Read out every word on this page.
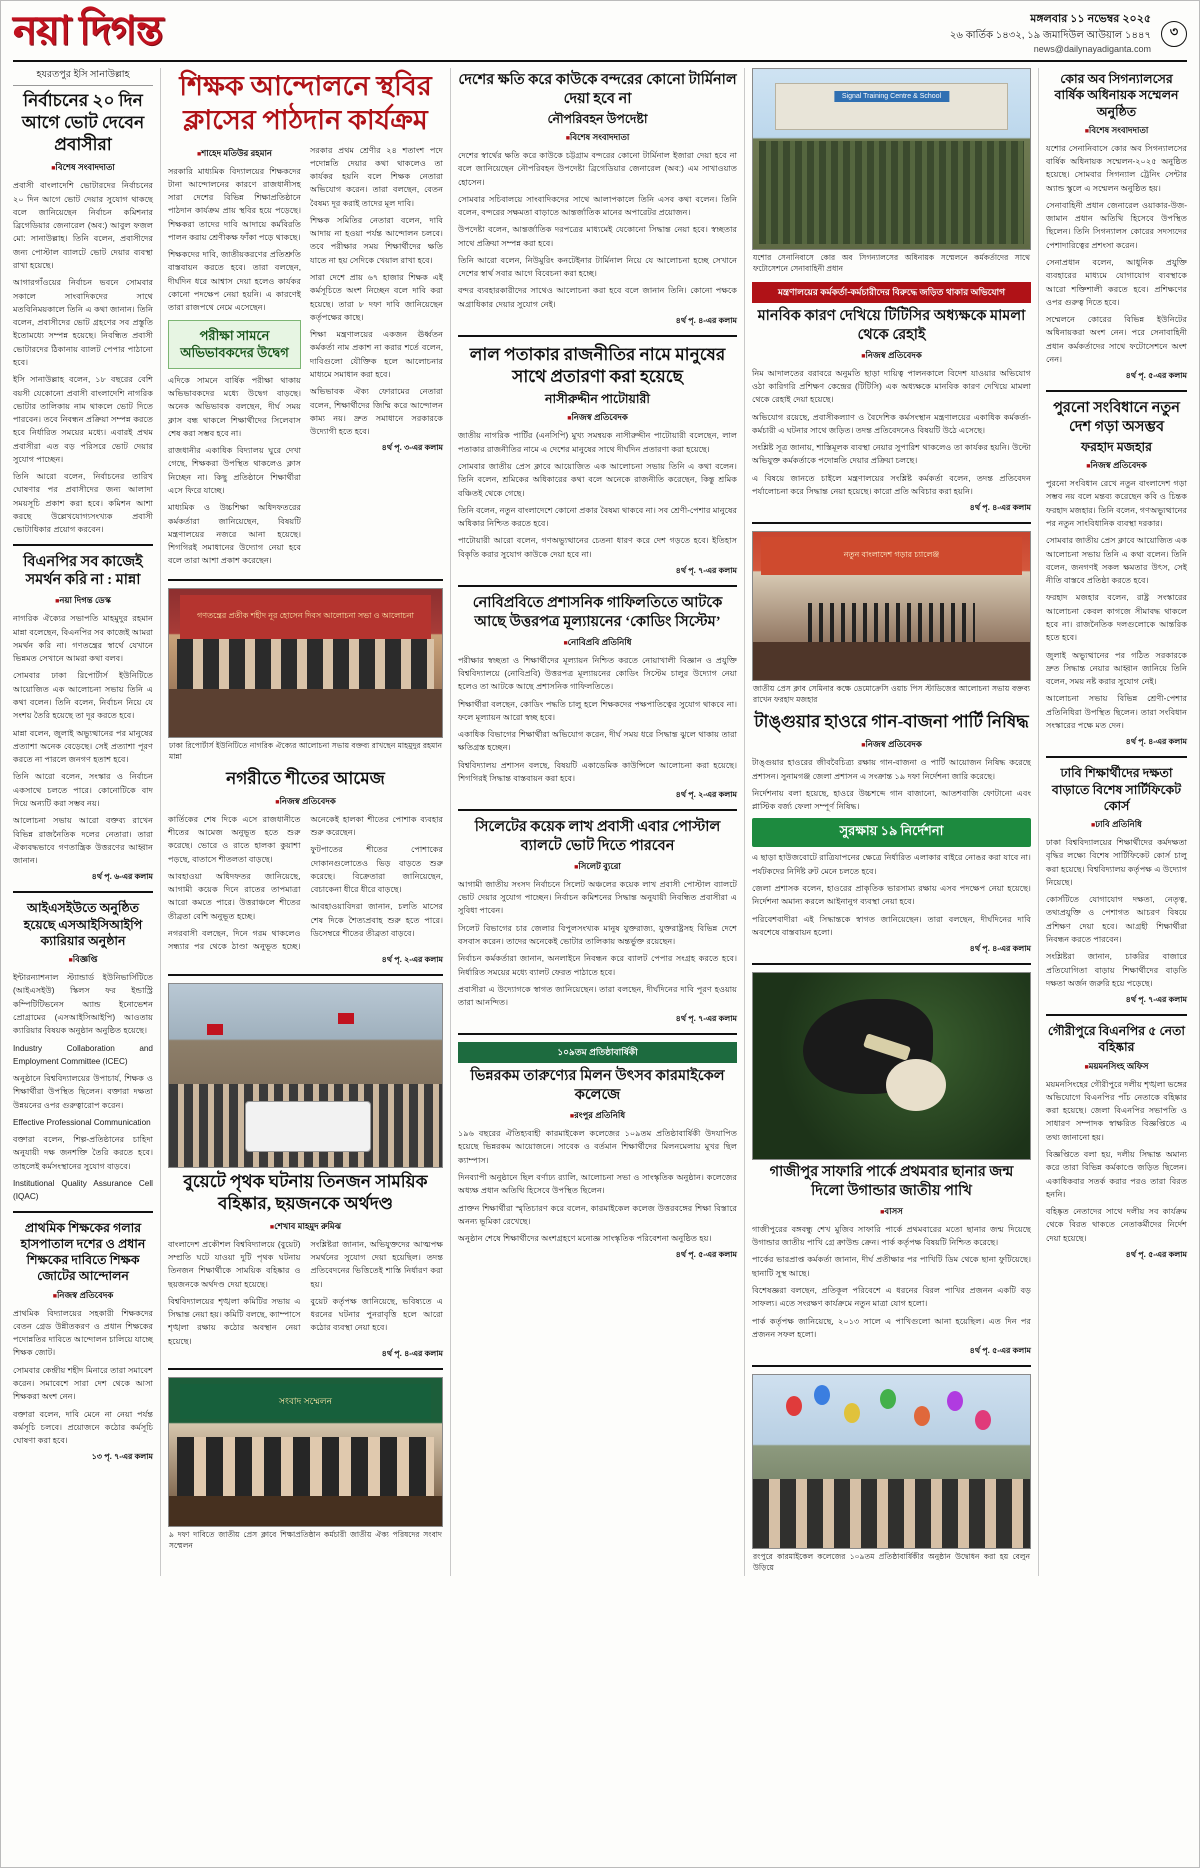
নয়া দিগন্ত	মঙ্গলবার ১১ নভেম্বর ২০২৫
২৬ কার্তিক ১৪৩২, ১৯ জমাদিউল আউয়াল ১৪৪৭
news@dailynayadiganta.com
৩
হযরতপুর ইসি সানাউল্লাহ
নির্বাচনের ২০ দিন আগে ভোট দেবেন প্রবাসীরা
■ বিশেষ সংবাদদাতা

প্রবাসী বাংলাদেশি ভোটারদের নির্বাচনের ২০ দিন আগে ভোট দেয়ার সুযোগ থাকছে বলে জানিয়েছেন নির্বাচন কমিশনার ব্রিগেডিয়ার জেনারেল (অব:) আবুল ফজল মো: সানাউল্লাহ। তিনি বলেন, প্রবাসীদের জন্য পোস্টাল ব্যালটে ভোট দেয়ার ব্যবস্থা রাখা হয়েছে।

আগারগাঁওয়ের নির্বাচন ভবনে সোমবার সকালে সাংবাদিকদের সাথে মতবিনিময়কালে তিনি এ কথা জানান। তিনি বলেন, প্রবাসীদের ভোট গ্রহণের সব প্রস্তুতি ইতোমধ্যে সম্পন্ন হয়েছে। নিবন্ধিত প্রবাসী ভোটারদের ঠিকানায় ব্যালট পেপার পাঠানো হবে।

ইসি সানাউল্লাহ বলেন, ১৮ বছরের বেশি বয়সী যেকোনো প্রবাসী বাংলাদেশি নাগরিক ভোটার তালিকায় নাম থাকলে ভোট দিতে পারবেন। তবে নিবন্ধন প্রক্রিয়া সম্পন্ন করতে হবে নির্ধারিত সময়ের মধ্যে। এবারই প্রথম প্রবাসীরা এত বড় পরিসরে ভোট দেয়ার সুযোগ পাচ্ছেন।

তিনি আরো বলেন, নির্বাচনের তারিখ ঘোষণার পর প্রবাসীদের জন্য আলাদা সময়সূচি প্রকাশ করা হবে। কমিশন আশা করছে উল্লেখযোগ্যসংখ্যক প্রবাসী ভোটাধিকার প্রয়োগ করবেন।

বিএনপির সব কাজেই সমর্থন করি না : মান্না
■ নয়া দিগন্ত ডেস্ক

নাগরিক ঐক্যের সভাপতি মাহমুদুর রহমান মান্না বলেছেন, বিএনপির সব কাজেই আমরা সমর্থন করি না। গণতন্ত্রের স্বার্থে যেখানে ভিন্নমত সেখানে আমরা কথা বলব।

সোমবার ঢাকা রিপোর্টার্স ইউনিটিতে আয়োজিত এক আলোচনা সভায় তিনি এ কথা বলেন। তিনি বলেন, নির্বাচন নিয়ে যে সংশয় তৈরি হয়েছে তা দূর করতে হবে।

মান্না বলেন, জুলাই অভ্যুত্থানের পর মানুষের প্রত্যাশা অনেক বেড়েছে। সেই প্রত্যাশা পূরণ করতে না পারলে জনগণ হতাশ হবে।

তিনি আরো বলেন, সংস্কার ও নির্বাচন একসাথে চলতে পারে। কোনোটিকে বাদ দিয়ে অন্যটি করা সম্ভব নয়।

আলোচনা সভায় আরো বক্তব্য রাখেন বিভিন্ন রাজনৈতিক দলের নেতারা। তারা ঐক্যবদ্ধভাবে গণতান্ত্রিক উত্তরণের আহ্বান জানান।

৪র্থ পৃ. ৬-এর কলাম
আইএসইউতে অনুষ্ঠিত হয়েছে এসআইসিআইপি ক্যারিয়ার অনুষ্ঠান
■ বিজ্ঞপ্তি

ইন্টারন্যাশনাল স্ট্যান্ডার্ড ইউনিভার্সিটিতে (আইএসইউ) স্কিলস ফর ইন্ডাস্ট্রি কম্পিটিটিভনেস অ্যান্ড ইনোভেশন প্রোগ্রামের (এসআইসিআইপি) আওতায় ক্যারিয়ার বিষয়ক অনুষ্ঠান অনুষ্ঠিত হয়েছে।

Industry Collaboration and Employment Committee (ICEC)

অনুষ্ঠানে বিশ্ববিদ্যালয়ের উপাচার্য, শিক্ষক ও শিক্ষার্থীরা উপস্থিত ছিলেন। বক্তারা দক্ষতা উন্নয়নের ওপর গুরুত্বারোপ করেন।

Effective Professional Communication

বক্তারা বলেন, শিল্প-প্রতিষ্ঠানের চাহিদা অনুযায়ী দক্ষ জনশক্তি তৈরি করতে হবে। তাহলেই কর্মসংস্থানের সুযোগ বাড়বে।

Institutional Quality Assurance Cell (IQAC)

প্রাথমিক শিক্ষকের গলার হাসপাতাল দশের ও প্রধান শিক্ষকের দাবিতে শিক্ষক জোটের আন্দোলন
■ নিজস্ব প্রতিবেদক

প্রাথমিক বিদ্যালয়ের সহকারী শিক্ষকদের বেতন গ্রেড উন্নীতকরণ ও প্রধান শিক্ষকের পদোন্নতির দাবিতে আন্দোলন চালিয়ে যাচ্ছে শিক্ষক জোট।

সোমবার কেন্দ্রীয় শহীদ মিনারে তারা সমাবেশ করেন। সমাবেশে সারা দেশ থেকে আসা শিক্ষকরা অংশ নেন।

বক্তারা বলেন, দাবি মেনে না নেয়া পর্যন্ত কর্মসূচি চলবে। প্রয়োজনে কঠোর কর্মসূচি ঘোষণা করা হবে।

১৩ পৃ. ৭-এর কলাম
শিক্ষক আন্দোলনে স্থবির ক্লাসের পাঠদান কার্যক্রম
■ শাহেদ মতিউর রহমান

সরকারি মাধ্যমিক বিদ্যালয়ের শিক্ষকদের টানা আন্দোলনের কারণে রাজধানীসহ সারা দেশের বিভিন্ন শিক্ষাপ্রতিষ্ঠানে পাঠদান কার্যক্রম প্রায় স্থবির হয়ে পড়েছে। শিক্ষকরা তাদের দাবি আদায়ে কর্মবিরতি পালন করায় শ্রেণীকক্ষ ফাঁকা পড়ে থাকছে।

শিক্ষকদের দাবি, জাতীয়করণের প্রতিশ্রুতি বাস্তবায়ন করতে হবে। তারা বলছেন, দীর্ঘদিন ধরে আশ্বাস দেয়া হলেও কার্যকর কোনো পদক্ষেপ নেয়া হয়নি। এ কারণেই তারা রাজপথে নেমে এসেছেন।

পরীক্ষা সামনে অভিভাবকদের উদ্বেগ

এদিকে সামনে বার্ষিক পরীক্ষা থাকায় অভিভাবকদের মধ্যে উদ্বেগ বাড়ছে। অনেক অভিভাবক বলছেন, দীর্ঘ সময় ক্লাস বন্ধ থাকলে শিক্ষার্থীদের সিলেবাস শেষ করা সম্ভব হবে না।

রাজধানীর একাধিক বিদ্যালয় ঘুরে দেখা গেছে, শিক্ষকরা উপস্থিত থাকলেও ক্লাস নিচ্ছেন না। কিছু প্রতিষ্ঠানে শিক্ষার্থীরা এসে ফিরে যাচ্ছে।

মাধ্যমিক ও উচ্চশিক্ষা অধিদফতরের কর্মকর্তারা জানিয়েছেন, বিষয়টি মন্ত্রণালয়ের নজরে আনা হয়েছে। শিগগিরই সমাধানের উদ্যোগ নেয়া হবে বলে তারা আশা প্রকাশ করেছেন।

সরকার প্রথম শ্রেণীর ২৪ শতাংশ পদে পদোন্নতি দেয়ার কথা থাকলেও তা কার্যকর হয়নি বলে শিক্ষক নেতারা অভিযোগ করেন। তারা বলছেন, বেতন বৈষম্য দূর করাই তাদের মূল দাবি।

শিক্ষক সমিতির নেতারা বলেন, দাবি আদায় না হওয়া পর্যন্ত আন্দোলন চলবে। তবে পরীক্ষার সময় শিক্ষার্থীদের ক্ষতি যাতে না হয় সেদিকে খেয়াল রাখা হবে।

সারা দেশে প্রায় ৬৭ হাজার শিক্ষক এই কর্মসূচিতে অংশ নিচ্ছেন বলে দাবি করা হয়েছে। তারা ৮ দফা দাবি জানিয়েছেন কর্তৃপক্ষের কাছে।

শিক্ষা মন্ত্রণালয়ের একজন ঊর্ধ্বতন কর্মকর্তা নাম প্রকাশ না করার শর্তে বলেন, দাবিগুলো যৌক্তিক হলে আলোচনার মাধ্যমে সমাধান করা হবে।

অভিভাবক ঐক্য ফোরামের নেতারা বলেন, শিক্ষার্থীদের জিম্মি করে আন্দোলন কাম্য নয়। দ্রুত সমাধানে সরকারকে উদ্যোগী হতে হবে।

৪র্থ পৃ. ৩-এর কলাম
গণতন্ত্রের প্রতীক শহীদ নূর হোসেন দিবস আলোচনা সভা ও আলোচনা
ঢাকা রিপোর্টার্স ইউনিটিতে নাগরিক ঐক্যের আলোচনা সভায় বক্তব্য রাখছেন মাহমুদুর রহমান মান্না
নগরীতে শীতের আমেজ
■ নিজস্ব প্রতিবেদক

কার্তিকের শেষ দিকে এসে রাজধানীতে শীতের আমেজ অনুভূত হতে শুরু করেছে। ভোরে ও রাতে হালকা কুয়াশা পড়ছে, বাতাসে শীতলতা বাড়ছে।

আবহাওয়া অধিদফতর জানিয়েছে, আগামী কয়েক দিনে রাতের তাপমাত্রা আরো কমতে পারে। উত্তরাঞ্চলে শীতের তীব্রতা বেশি অনুভূত হচ্ছে।

নগরবাসী বলছেন, দিনে গরম থাকলেও সন্ধ্যার পর থেকে ঠাণ্ডা অনুভূত হচ্ছে। অনেকেই হালকা শীতের পোশাক ব্যবহার শুরু করেছেন।

ফুটপাতের শীতের পোশাকের দোকানগুলোতেও ভিড় বাড়তে শুরু করেছে। বিক্রেতারা জানিয়েছেন, বেচাকেনা ধীরে ধীরে বাড়ছে।

আবহাওয়াবিদরা জানান, চলতি মাসের শেষ দিকে শৈত্যপ্রবাহ শুরু হতে পারে। ডিসেম্বরে শীতের তীব্রতা বাড়বে।

৪র্থ পৃ. ২-এর কলাম
বুয়েটে পৃথক ঘটনায় তিনজন সাময়িক বহিষ্কার, ছয়জনকে অর্থদণ্ড
■ শেখাব মাহমুদ রুমিঝ

বাংলাদেশ প্রকৌশল বিশ্ববিদ্যালয়ে (বুয়েট) সম্প্রতি ঘটে যাওয়া দুটি পৃথক ঘটনায় তিনজন শিক্ষার্থীকে সাময়িক বহিষ্কার ও ছয়জনকে অর্থদণ্ড দেয়া হয়েছে।

বিশ্ববিদ্যালয়ের শৃঙ্খলা কমিটির সভায় এ সিদ্ধান্ত নেয়া হয়। কমিটি বলছে, ক্যাম্পাসে শৃঙ্খলা রক্ষায় কঠোর অবস্থান নেয়া হয়েছে।

সংশ্লিষ্টরা জানান, অভিযুক্তদের আত্মপক্ষ সমর্থনের সুযোগ দেয়া হয়েছিল। তদন্ত প্রতিবেদনের ভিত্তিতেই শাস্তি নির্ধারণ করা হয়।

বুয়েট কর্তৃপক্ষ জানিয়েছে, ভবিষ্যতে এ ধরনের ঘটনার পুনরাবৃত্তি হলে আরো কঠোর ব্যবস্থা নেয়া হবে।

৪র্থ পৃ. ৪-এর কলাম
সংবাদ সম্মেলন
৯ দফা দাবিতে জাতীয় প্রেস ক্লাবে শিক্ষাপ্রতিষ্ঠান কর্মচারী জাতীয় ঐক্য পরিষদের সংবাদ সম্মেলন
দেশের ক্ষতি করে কাউকে বন্দরের কোনো টার্মিনাল দেয়া হবে না
নৌপরিবহন উপদেষ্টা
■ বিশেষ সংবাদদাতা

দেশের স্বার্থের ক্ষতি করে কাউকে চট্টগ্রাম বন্দরের কোনো টার্মিনাল ইজারা দেয়া হবে না বলে জানিয়েছেন নৌপরিবহন উপদেষ্টা ব্রিগেডিয়ার জেনারেল (অব:) এম সাখাওয়াত হোসেন।

সোমবার সচিবালয়ে সাংবাদিকদের সাথে আলাপকালে তিনি এসব কথা বলেন। তিনি বলেন, বন্দরের সক্ষমতা বাড়াতে আন্তর্জাতিক মানের অপারেটর প্রয়োজন।

উপদেষ্টা বলেন, আন্তর্জাতিক দরপত্রের মাধ্যমেই যেকোনো সিদ্ধান্ত নেয়া হবে। স্বচ্ছতার সাথে প্রক্রিয়া সম্পন্ন করা হবে।

তিনি আরো বলেন, নিউমুরিং কনটেইনার টার্মিনাল নিয়ে যে আলোচনা হচ্ছে সেখানে দেশের স্বার্থ সবার আগে বিবেচনা করা হচ্ছে।

বন্দর ব্যবহারকারীদের সাথেও আলোচনা করা হবে বলে জানান তিনি। কোনো পক্ষকে অগ্রাধিকার দেয়ার সুযোগ নেই।

৪র্থ পৃ. ৪-এর কলাম
লাল পতাকার রাজনীতির নামে মানুষের সাথে প্রতারণা করা হয়েছে
নাসীরুদ্দীন পাটোয়ারী
■ নিজস্ব প্রতিবেদক

জাতীয় নাগরিক পার্টির (এনসিপি) মুখ্য সমন্বয়ক নাসীরুদ্দীন পাটোয়ারী বলেছেন, লাল পতাকার রাজনীতির নামে এ দেশের মানুষের সাথে দীর্ঘদিন প্রতারণা করা হয়েছে।

সোমবার জাতীয় প্রেস ক্লাবে আয়োজিত এক আলোচনা সভায় তিনি এ কথা বলেন। তিনি বলেন, শ্রমিকের অধিকারের কথা বলে অনেকে রাজনীতি করেছেন, কিন্তু শ্রমিক বঞ্চিতই থেকে গেছে।

তিনি বলেন, নতুন বাংলাদেশে কোনো প্রকার বৈষম্য থাকবে না। সব শ্রেণী-পেশার মানুষের অধিকার নিশ্চিত করতে হবে।

পাটোয়ারী আরো বলেন, গণঅভ্যুত্থানের চেতনা ধারণ করে দেশ গড়তে হবে। ইতিহাস বিকৃতি করার সুযোগ কাউকে দেয়া হবে না।

৪র্থ পৃ. ৭-এর কলাম
নোবিপ্রবিতে প্রশাসনিক গাফিলতিতে আটকে আছে উত্তরপত্র মূল্যায়নের ‘কোডিং সিস্টেম’
■ নোবিপ্রবি প্রতিনিধি

পরীক্ষার স্বচ্ছতা ও শিক্ষার্থীদের মূল্যায়ন নিশ্চিত করতে নোয়াখালী বিজ্ঞান ও প্রযুক্তি বিশ্ববিদ্যালয়ে (নোবিপ্রবি) উত্তরপত্র মূল্যায়নের কোডিং সিস্টেম চালুর উদ্যোগ নেয়া হলেও তা আটকে আছে প্রশাসনিক গাফিলতিতে।

শিক্ষার্থীরা বলছেন, কোডিং পদ্ধতি চালু হলে শিক্ষকদের পক্ষপাতিত্বের সুযোগ থাকবে না। ফলে মূল্যায়ন আরো স্বচ্ছ হবে।

একাধিক বিভাগের শিক্ষার্থীরা অভিযোগ করেন, দীর্ঘ সময় ধরে সিদ্ধান্ত ঝুলে থাকায় তারা ক্ষতিগ্রস্ত হচ্ছেন।

বিশ্ববিদ্যালয় প্রশাসন বলছে, বিষয়টি একাডেমিক কাউন্সিলে আলোচনা করা হয়েছে। শিগগিরই সিদ্ধান্ত বাস্তবায়ন করা হবে।

৪র্থ পৃ. ২-এর কলাম
সিলেটের কয়েক লাখ প্রবাসী এবার পোস্টাল ব্যালটে ভোট দিতে পারবেন
■ সিলেট ব্যুরো

আগামী জাতীয় সংসদ নির্বাচনে সিলেট অঞ্চলের কয়েক লাখ প্রবাসী পোস্টাল ব্যালটে ভোট দেয়ার সুযোগ পাচ্ছেন। নির্বাচন কমিশনের সিদ্ধান্ত অনুযায়ী নিবন্ধিত প্রবাসীরা এ সুবিধা পাবেন।

সিলেট বিভাগের চার জেলার বিপুলসংখ্যক মানুষ যুক্তরাজ্য, যুক্তরাষ্ট্রসহ বিভিন্ন দেশে বসবাস করেন। তাদের অনেকেই ভোটার তালিকায় অন্তর্ভুক্ত রয়েছেন।

নির্বাচন কর্মকর্তারা জানান, অনলাইনে নিবন্ধন করে ব্যালট পেপার সংগ্রহ করতে হবে। নির্ধারিত সময়ের মধ্যে ব্যালট ফেরত পাঠাতে হবে।

প্রবাসীরা এ উদ্যোগকে স্বাগত জানিয়েছেন। তারা বলছেন, দীর্ঘদিনের দাবি পূরণ হওয়ায় তারা আনন্দিত।

৪র্থ পৃ. ৭-এর কলাম
১০৯তম প্রতিষ্ঠাবার্ষিকী
ভিন্নরকম তারুণ্যের মিলন উৎসব কারমাইকেল কলেজে
■ রংপুর প্রতিনিধি

১৯৬ বছরের ঐতিহ্যবাহী কারমাইকেল কলেজের ১০৯তম প্রতিষ্ঠাবার্ষিকী উদযাপিত হয়েছে ভিন্নরকম আয়োজনে। সাবেক ও বর্তমান শিক্ষার্থীদের মিলনমেলায় মুখর ছিল ক্যাম্পাস।

দিনব্যাপী অনুষ্ঠানে ছিল বর্ণাঢ্য র‌্যালি, আলোচনা সভা ও সাংস্কৃতিক অনুষ্ঠান। কলেজের অধ্যক্ষ প্রধান অতিথি হিসেবে উপস্থিত ছিলেন।

প্রাক্তন শিক্ষার্থীরা স্মৃতিচারণ করে বলেন, কারমাইকেল কলেজ উত্তরবঙ্গের শিক্ষা বিস্তারে অনন্য ভূমিকা রেখেছে।

অনুষ্ঠান শেষে শিক্ষার্থীদের অংশগ্রহণে মনোজ্ঞ সাংস্কৃতিক পরিবেশনা অনুষ্ঠিত হয়।

৪র্থ পৃ. ৫-এর কলাম
Signal Training Centre & School
যশোর সেনানিবাসে কোর অব সিগন্যালসের অধিনায়ক সম্মেলনে কর্মকর্তাদের সাথে ফটোসেশনে সেনাবাহিনী প্রধান
মন্ত্রণালয়ের কর্মকর্তা-কর্মচারীদের বিরুদ্ধে জড়িত থাকার অভিযোগ
মানবিক কারণ দেখিয়ে টিটিসির অধ্যক্ষকে মামলা থেকে রেহাই
■ নিজস্ব প্রতিবেদক

নিম আদালতের বরাবরে অনুমতি ছাড়া দায়িত্ব পালনকালে বিদেশ যাওয়ার অভিযোগ ওঠা কারিগরি প্রশিক্ষণ কেন্দ্রের (টিটিসি) এক অধ্যক্ষকে মানবিক কারণ দেখিয়ে মামলা থেকে রেহাই দেয়া হয়েছে।

অভিযোগ রয়েছে, প্রবাসীকল্যাণ ও বৈদেশিক কর্মসংস্থান মন্ত্রণালয়ের একাধিক কর্মকর্তা-কর্মচারী এ ঘটনার সাথে জড়িত। তদন্ত প্রতিবেদনেও বিষয়টি উঠে এসেছে।

সংশ্লিষ্ট সূত্র জানায়, শাস্তিমূলক ব্যবস্থা নেয়ার সুপারিশ থাকলেও তা কার্যকর হয়নি। উল্টো অভিযুক্ত কর্মকর্তাকে পদোন্নতি দেয়ার প্রক্রিয়া চলছে।

এ বিষয়ে জানতে চাইলে মন্ত্রণালয়ের সংশ্লিষ্ট কর্মকর্তা বলেন, তদন্ত প্রতিবেদন পর্যালোচনা করে সিদ্ধান্ত নেয়া হয়েছে। কারো প্রতি অবিচার করা হয়নি।

৪র্থ পৃ. ৪-এর কলাম
নতুন বাংলাদেশ গড়ার চ্যালেঞ্জ
জাতীয় প্রেস ক্লাব সেমিনার কক্ষে ডেমোক্রেসি ওয়াচ পিস স্টাডিজের আলোচনা সভায় বক্তব্য রাখেন ফরহাদ মজহার
টাঙ্গুয়ার হাওরে গান-বাজনা পার্টি নিষিদ্ধ
■ নিজস্ব প্রতিবেদক

টাঙ্গুয়ার হাওরের জীববৈচিত্র্য রক্ষায় গান-বাজনা ও পার্টি আয়োজন নিষিদ্ধ করেছে প্রশাসন। সুনামগঞ্জ জেলা প্রশাসন এ সংক্রান্ত ১৯ দফা নির্দেশনা জারি করেছে।

নির্দেশনায় বলা হয়েছে, হাওরে উচ্চশব্দে গান বাজানো, আতশবাজি ফোটানো এবং প্লাস্টিক বর্জ্য ফেলা সম্পূর্ণ নিষিদ্ধ।

সুরক্ষায় ১৯ নির্দেশনা

এ ছাড়া হাউজবোটে রাত্রিযাপনের ক্ষেত্রে নির্ধারিত এলাকার বাইরে নোঙর করা যাবে না। পর্যটকদের নির্দিষ্ট রুট মেনে চলতে হবে।

জেলা প্রশাসক বলেন, হাওরের প্রাকৃতিক ভারসাম্য রক্ষায় এসব পদক্ষেপ নেয়া হয়েছে। নির্দেশনা অমান্য করলে আইনানুগ ব্যবস্থা নেয়া হবে।

পরিবেশবাদীরা এই সিদ্ধান্তকে স্বাগত জানিয়েছেন। তারা বলছেন, দীর্ঘদিনের দাবি অবশেষে বাস্তবায়ন হলো।

৪র্থ পৃ. ৪-এর কলাম
গাজীপুর সাফারি পার্কে প্রথমবার ছানার জন্ম দিলো উগান্ডার জাতীয় পাখি
■ বাসস

গাজীপুরের বঙ্গবন্ধু শেখ মুজিব সাফারি পার্কে প্রথমবারের মতো ছানার জন্ম দিয়েছে উগান্ডার জাতীয় পাখি গ্রে ক্রাউন্ড ক্রেন। পার্ক কর্তৃপক্ষ বিষয়টি নিশ্চিত করেছে।

পার্কের ভারপ্রাপ্ত কর্মকর্তা জানান, দীর্ঘ প্রতীক্ষার পর পাখিটি ডিম থেকে ছানা ফুটিয়েছে। ছানাটি সুস্থ আছে।

বিশেষজ্ঞরা বলছেন, প্রতিকূল পরিবেশে এ ধরনের বিরল পাখির প্রজনন একটি বড় সাফল্য। এতে সংরক্ষণ কার্যক্রমে নতুন মাত্রা যোগ হলো।

পার্ক কর্তৃপক্ষ জানিয়েছে, ২০১৩ সালে এ পাখিগুলো আনা হয়েছিল। এত দিন পর প্রজনন সফল হলো।

৪র্থ পৃ. ৫-এর কলাম
রংপুরে কারমাইকেল কলেজের ১০৯তম প্রতিষ্ঠাবার্ষিকীর অনুষ্ঠান উদ্বোধন করা হয় বেলুন উড়িয়ে
কোর অব সিগন্যালসের বার্ষিক অধিনায়ক সম্মেলন অনুষ্ঠিত
■ বিশেষ সংবাদদাতা

যশোর সেনানিবাসে কোর অব সিগন্যালসের বার্ষিক অধিনায়ক সম্মেলন-২০২৫ অনুষ্ঠিত হয়েছে। সোমবার সিগন্যাল ট্রেনিং সেন্টার অ্যান্ড স্কুলে এ সম্মেলন অনুষ্ঠিত হয়।

সেনাবাহিনী প্রধান জেনারেল ওয়াকার-উজ-জামান প্রধান অতিথি হিসেবে উপস্থিত ছিলেন। তিনি সিগন্যালস কোরের সদস্যদের পেশাদারিত্বের প্রশংসা করেন।

সেনাপ্রধান বলেন, আধুনিক প্রযুক্তি ব্যবহারের মাধ্যমে যোগাযোগ ব্যবস্থাকে আরো শক্তিশালী করতে হবে। প্রশিক্ষণের ওপর গুরুত্ব দিতে হবে।

সম্মেলনে কোরের বিভিন্ন ইউনিটের অধিনায়করা অংশ নেন। পরে সেনাবাহিনী প্রধান কর্মকর্তাদের সাথে ফটোসেশনে অংশ নেন।

৪র্থ পৃ. ৫-এর কলাম
পুরনো সংবিধানে নতুন দেশ গড়া অসম্ভব
ফরহাদ মজহার
■ নিজস্ব প্রতিবেদক

পুরনো সংবিধান রেখে নতুন বাংলাদেশ গড়া সম্ভব নয় বলে মন্তব্য করেছেন কবি ও চিন্তক ফরহাদ মজহার। তিনি বলেন, গণঅভ্যুত্থানের পর নতুন সাংবিধানিক ব্যবস্থা দরকার।

সোমবার জাতীয় প্রেস ক্লাবে আয়োজিত এক আলোচনা সভায় তিনি এ কথা বলেন। তিনি বলেন, জনগণই সকল ক্ষমতার উৎস, সেই নীতি বাস্তবে প্রতিষ্ঠা করতে হবে।

ফরহাদ মজহার বলেন, রাষ্ট্র সংস্কারের আলোচনা কেবল কাগজে সীমাবদ্ধ থাকলে হবে না। রাজনৈতিক দলগুলোকে আন্তরিক হতে হবে।

জুলাই অভ্যুত্থানের পর গঠিত সরকারকে দ্রুত সিদ্ধান্ত নেয়ার আহ্বান জানিয়ে তিনি বলেন, সময় নষ্ট করার সুযোগ নেই।

আলোচনা সভায় বিভিন্ন শ্রেণী-পেশার প্রতিনিধিরা উপস্থিত ছিলেন। তারা সংবিধান সংস্কারের পক্ষে মত দেন।

৪র্থ পৃ. ৪-এর কলাম
ঢাবি শিক্ষার্থীদের দক্ষতা বাড়াতে বিশেষ সার্টিফিকেট কোর্স
■ ঢাবি প্রতিনিধি

ঢাকা বিশ্ববিদ্যালয়ের শিক্ষার্থীদের কর্মদক্ষতা বৃদ্ধির লক্ষ্যে বিশেষ সার্টিফিকেট কোর্স চালু করা হয়েছে। বিশ্ববিদ্যালয় কর্তৃপক্ষ এ উদ্যোগ নিয়েছে।

কোর্সটিতে যোগাযোগ দক্ষতা, নেতৃত্ব, তথ্যপ্রযুক্তি ও পেশাগত আচরণ বিষয়ে প্রশিক্ষণ দেয়া হবে। আগ্রহী শিক্ষার্থীরা নিবন্ধন করতে পারবেন।

সংশ্লিষ্টরা জানান, চাকরির বাজারে প্রতিযোগিতা বাড়ায় শিক্ষার্থীদের বাড়তি দক্ষতা অর্জন জরুরি হয়ে পড়েছে।

৪র্থ পৃ. ৭-এর কলাম
গৌরীপুরে বিএনপির ৫ নেতা বহিষ্কার
■ ময়মনসিংহ অফিস

ময়মনসিংহের গৌরীপুরে দলীয় শৃঙ্খলা ভঙ্গের অভিযোগে বিএনপির পাঁচ নেতাকে বহিষ্কার করা হয়েছে। জেলা বিএনপির সভাপতি ও সাধারণ সম্পাদক স্বাক্ষরিত বিজ্ঞপ্তিতে এ তথ্য জানানো হয়।

বিজ্ঞপ্তিতে বলা হয়, দলীয় সিদ্ধান্ত অমান্য করে তারা বিভিন্ন কর্মকাণ্ডে জড়িত ছিলেন। একাধিকবার সতর্ক করার পরও তারা বিরত হননি।

বহিষ্কৃত নেতাদের সাথে দলীয় সব কার্যক্রম থেকে বিরত থাকতে নেতাকর্মীদের নির্দেশ দেয়া হয়েছে।

৪র্থ পৃ. ৫-এর কলাম
